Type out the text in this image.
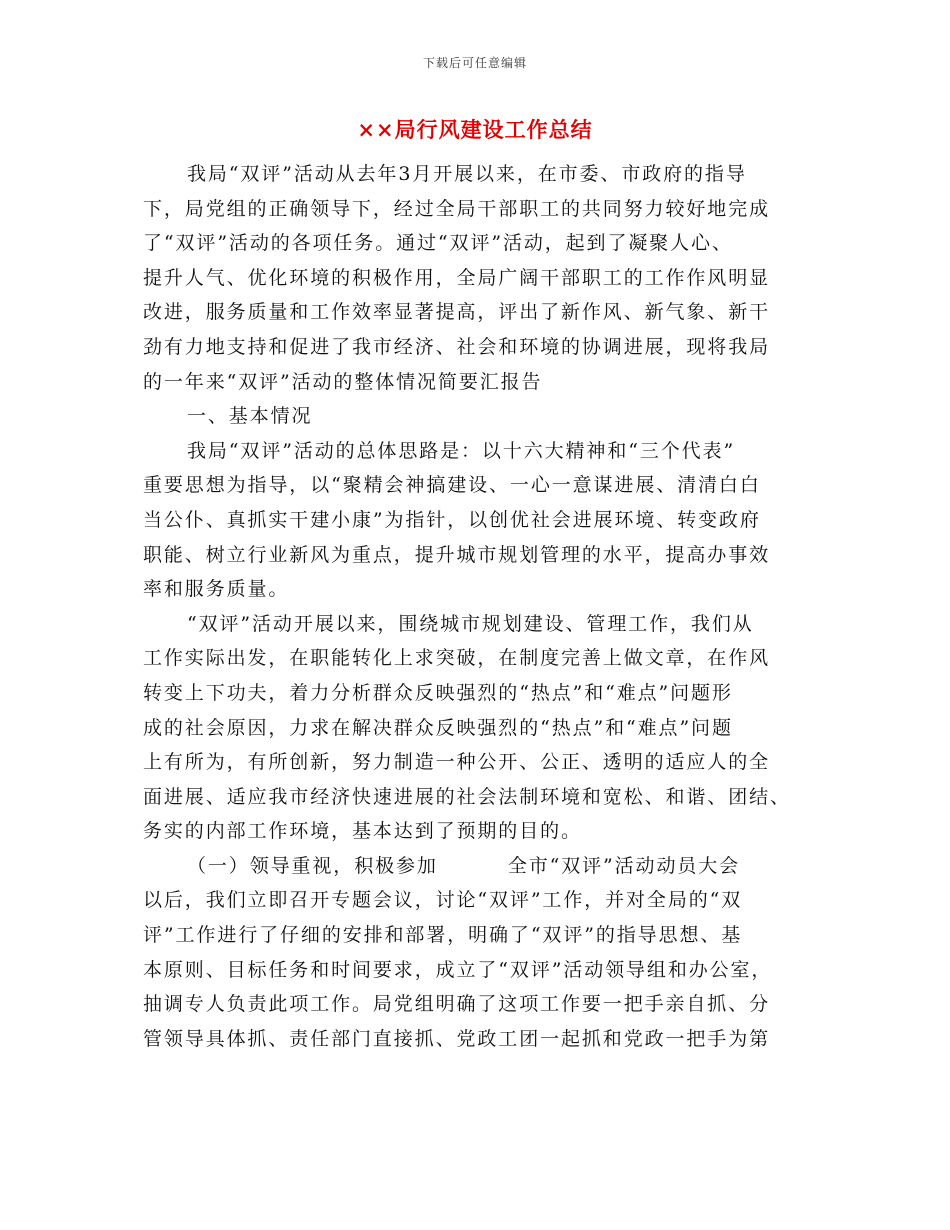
下载后可任意编辑
××局行风建设工作总结
我局“双评”活动从去年3月开展以来，在市委、市政府的指导
下，局党组的正确领导下，经过全局干部职工的共同努力较好地完成
了“双评”活动的各项任务。通过“双评”活动，起到了凝聚人心、
提升人气、优化环境的积极作用，全局广阔干部职工的工作作风明显
改进，服务质量和工作效率显著提高，评出了新作风、新气象、新干
劲有力地支持和促进了我市经济、社会和环境的协调进展，现将我局
的一年来“双评”活动的整体情况简要汇报告
一、基本情况
我局“双评”活动的总体思路是：以十六大精神和“三个代表”
重要思想为指导，以“聚精会神搞建设、一心一意谋进展、清清白白
当公仆、真抓实干建小康”为指针，以创优社会进展环境、转变政府
职能、树立行业新风为重点，提升城市规划管理的水平，提高办事效
率和服务质量。
“双评”活动开展以来，围绕城市规划建设、管理工作，我们从
工作实际出发，在职能转化上求突破，在制度完善上做文章，在作风
转变上下功夫，着力分析群众反映强烈的“热点”和“难点”问题形
成的社会原因，力求在解决群众反映强烈的“热点”和“难点”问题
上有所为，有所创新，努力制造一种公开、公正、透明的适应人的全
面进展、适应我市经济快速进展的社会法制环境和宽松、和谐、团结、
务实的内部工作环境，基本达到了预期的目的。
（一）领导重视，积极参加	全市“双评”活动动员大会
以后，我们立即召开专题会议，讨论“双评”工作，并对全局的“双
评”工作进行了仔细的安排和部署，明确了“双评”的指导思想、基
本原则、目标任务和时间要求，成立了“双评”活动领导组和办公室，
抽调专人负责此项工作。局党组明确了这项工作要一把手亲自抓、分
管领导具体抓、责任部门直接抓、党政工团一起抓和党政一把手为第
